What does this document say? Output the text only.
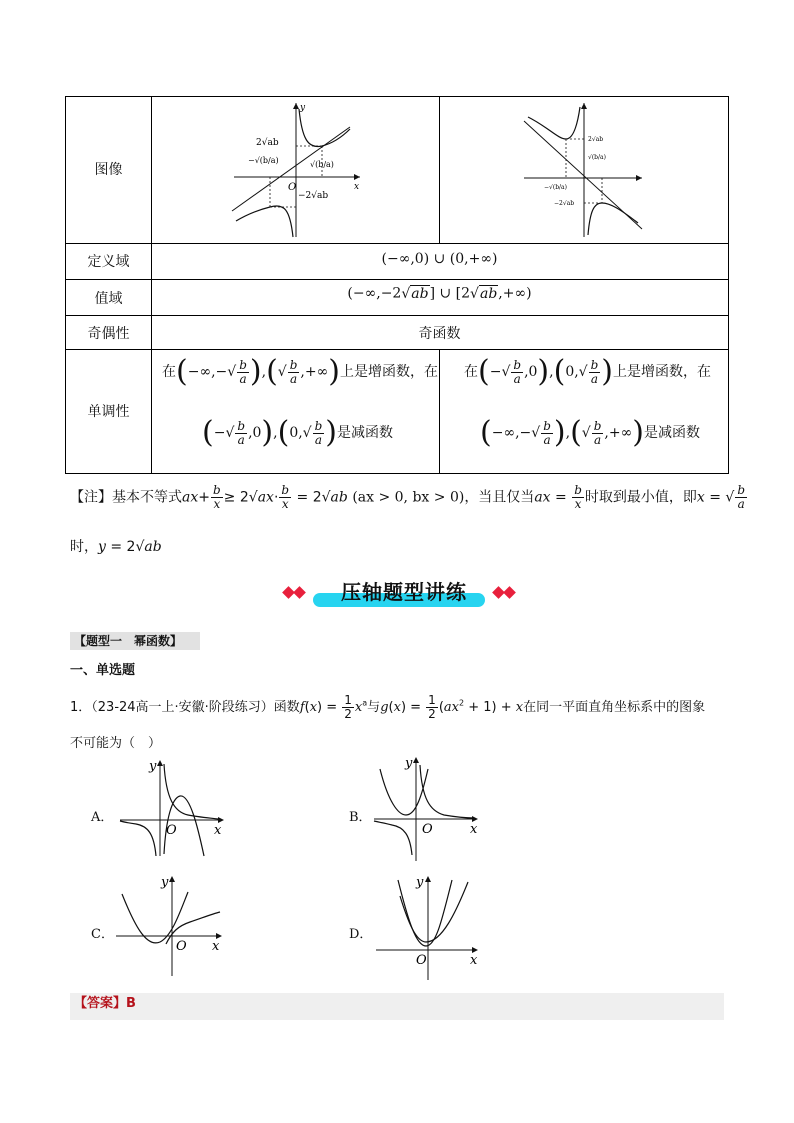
图像
定义域
值域
奇偶性
单调性
y
x
O
2√ab
−√(b/a)	√(b/a)
−2√ab
2√ab
√(b/a)
−√(b/a)
−2√ab
(−∞,0) ∪ (0,+∞)
(−∞,−2 √ ab ] ∪ [2 √ ab ,+∞)
奇函数
在(−∞,−√ $\frac{b}{a}$ ),(√ $\frac{b}{a}$ ,+∞)上是增函数，在
(−√ $\frac{b}{a} ,0),(0,√ \frac{b}{a}$ )是减函数
在(−√ $\frac{b}{a} ,0),(0,√ \frac{b}{a}$ )上是增函数，在
(−∞,−√ $\frac{b}{a}$ ),(√ $\frac{b}{a}$ ,+∞)是减函数
【注】基本不等式$ax+ \frac{b}{x} \ge 2√ax\cdot \frac{b}{x} = 2√ab$ (ax > 0, bx > 0)，当且仅当ax = $\frac{b}{x}$ 时取到最小值，即x = √ $\frac{b}{a}$
时，y = 2√ab
压轴题型讲练
【题型一　幂函数】
一、单选题
1．（23-24高一上·安徽·阶段练习）函数$f(x) = \frac{1}{2} x^a$与$g(x) = \frac{1}{2} (ax^2 + 1) + x$在同一平面直角坐标系中的图象
不可能为（　）
A．
y
x
O
B．
y
x
O
C．
y
x
O
D．
y
x
O
【答案】B
